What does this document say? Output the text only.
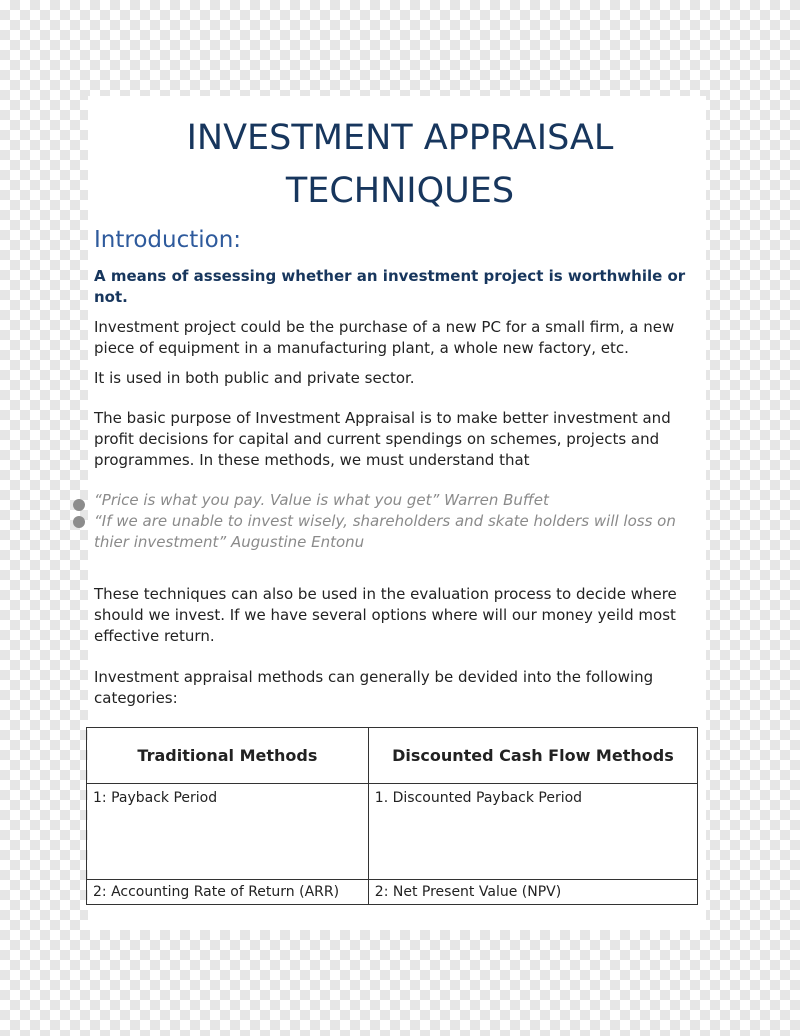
INVESTMENT APPRAISAL
TECHNIQUES
Introduction:

A means of assessing whether an investment project is worthwhile or not.

Investment project could be the purchase of a new PC for a small firm, a new piece of equipment in a manufacturing plant, a whole new factory, etc.

It is used in both public and private sector.

The basic purpose of Investment Appraisal is to make better investment and profit decisions for capital and current spendings on schemes, projects and programmes. In these methods, we must understand that

“Price is what you pay. Value is what you get” Warren Buffet

“If we are unable to invest wisely, shareholders and skate holders will loss on thier investment” Augustine Entonu

These techniques can also be used in the evaluation process to decide where should we invest. If we have several options where will our money yeild most effective return.

Investment appraisal methods can generally be devided into the following categories:

Traditional Methods	Discounted Cash Flow Methods
1: Payback Period	1. Discounted Payback Period
2: Accounting Rate of Return (ARR)	2: Net Present Value (NPV)
